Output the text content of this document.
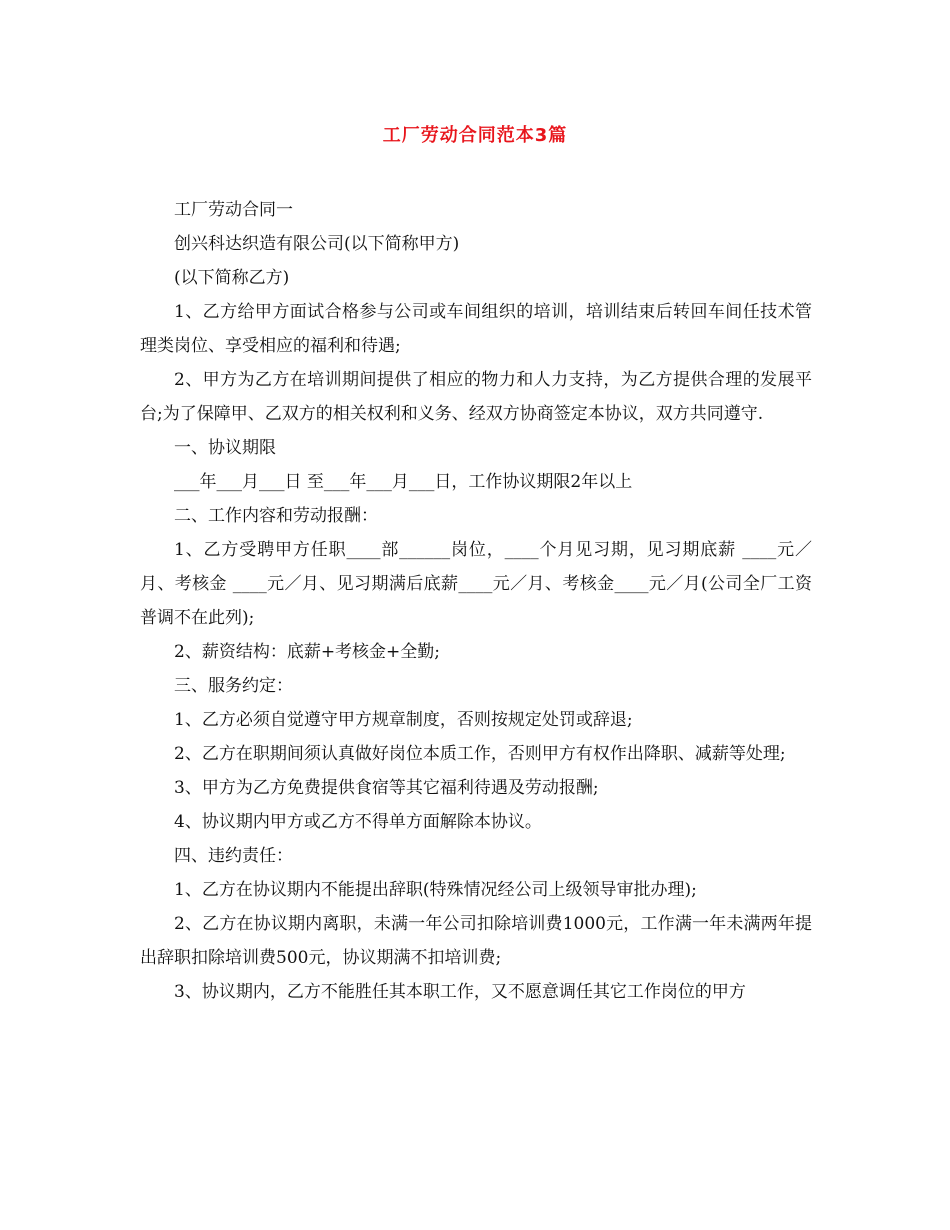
工厂劳动合同范本3篇

工厂劳动合同一

创兴科达织造有限公司(以下简称甲方)

(以下简称乙方)

1、乙方给甲方面试合格参与公司或车间组织的培训，培训结束后转回车间任技术管理类岗位、享受相应的福利和待遇;

2、甲方为乙方在培训期间提供了相应的物力和人力支持，为乙方提供合理的发展平台;为了保障甲、乙双方的相关权利和义务、经双方协商签定本协议，双方共同遵守.

一、协议期限

___年___月___日 至___年___月___日，工作协议期限2年以上

二、工作内容和劳动报酬：

1、乙方受聘甲方任职____部______岗位，____个月见习期，见习期底薪 ____元／月、考核金 ____元／月、见习期满后底薪____元／月、考核金____元／月(公司全厂工资普调不在此列);

2、薪资结构：底薪+考核金+全勤;

三、服务约定：

1、乙方必须自觉遵守甲方规章制度，否则按规定处罚或辞退;

2、乙方在职期间须认真做好岗位本质工作，否则甲方有权作出降职、减薪等处理;

3、甲方为乙方免费提供食宿等其它福利待遇及劳动报酬;

4、协议期内甲方或乙方不得单方面解除本协议。

四、违约责任：

1、乙方在协议期内不能提出辞职(特殊情况经公司上级领导审批办理);

2、乙方在协议期内离职，未满一年公司扣除培训费1000元，工作满一年未满两年提出辞职扣除培训费500元，协议期满不扣培训费;

3、协议期内，乙方不能胜任其本职工作，又不愿意调任其它工作岗位的甲方
